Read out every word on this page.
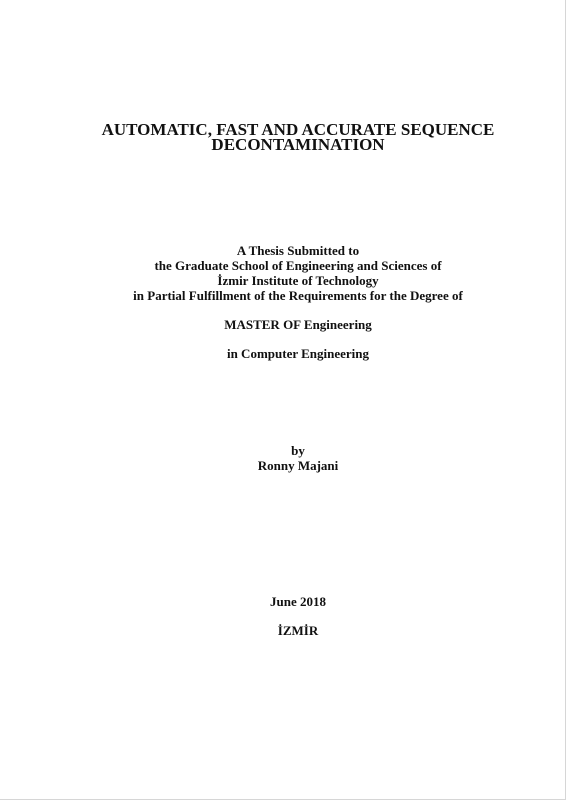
AUTOMATIC, FAST AND ACCURATE SEQUENCE
DECONTAMINATION
A Thesis Submitted to
the Graduate School of Engineering and Sciences of
İzmir Institute of Technology
in Partial Fulfillment of the Requirements for the Degree of
MASTER OF Engineering
in Computer Engineering
by
Ronny Majani
June 2018
İZMİR
